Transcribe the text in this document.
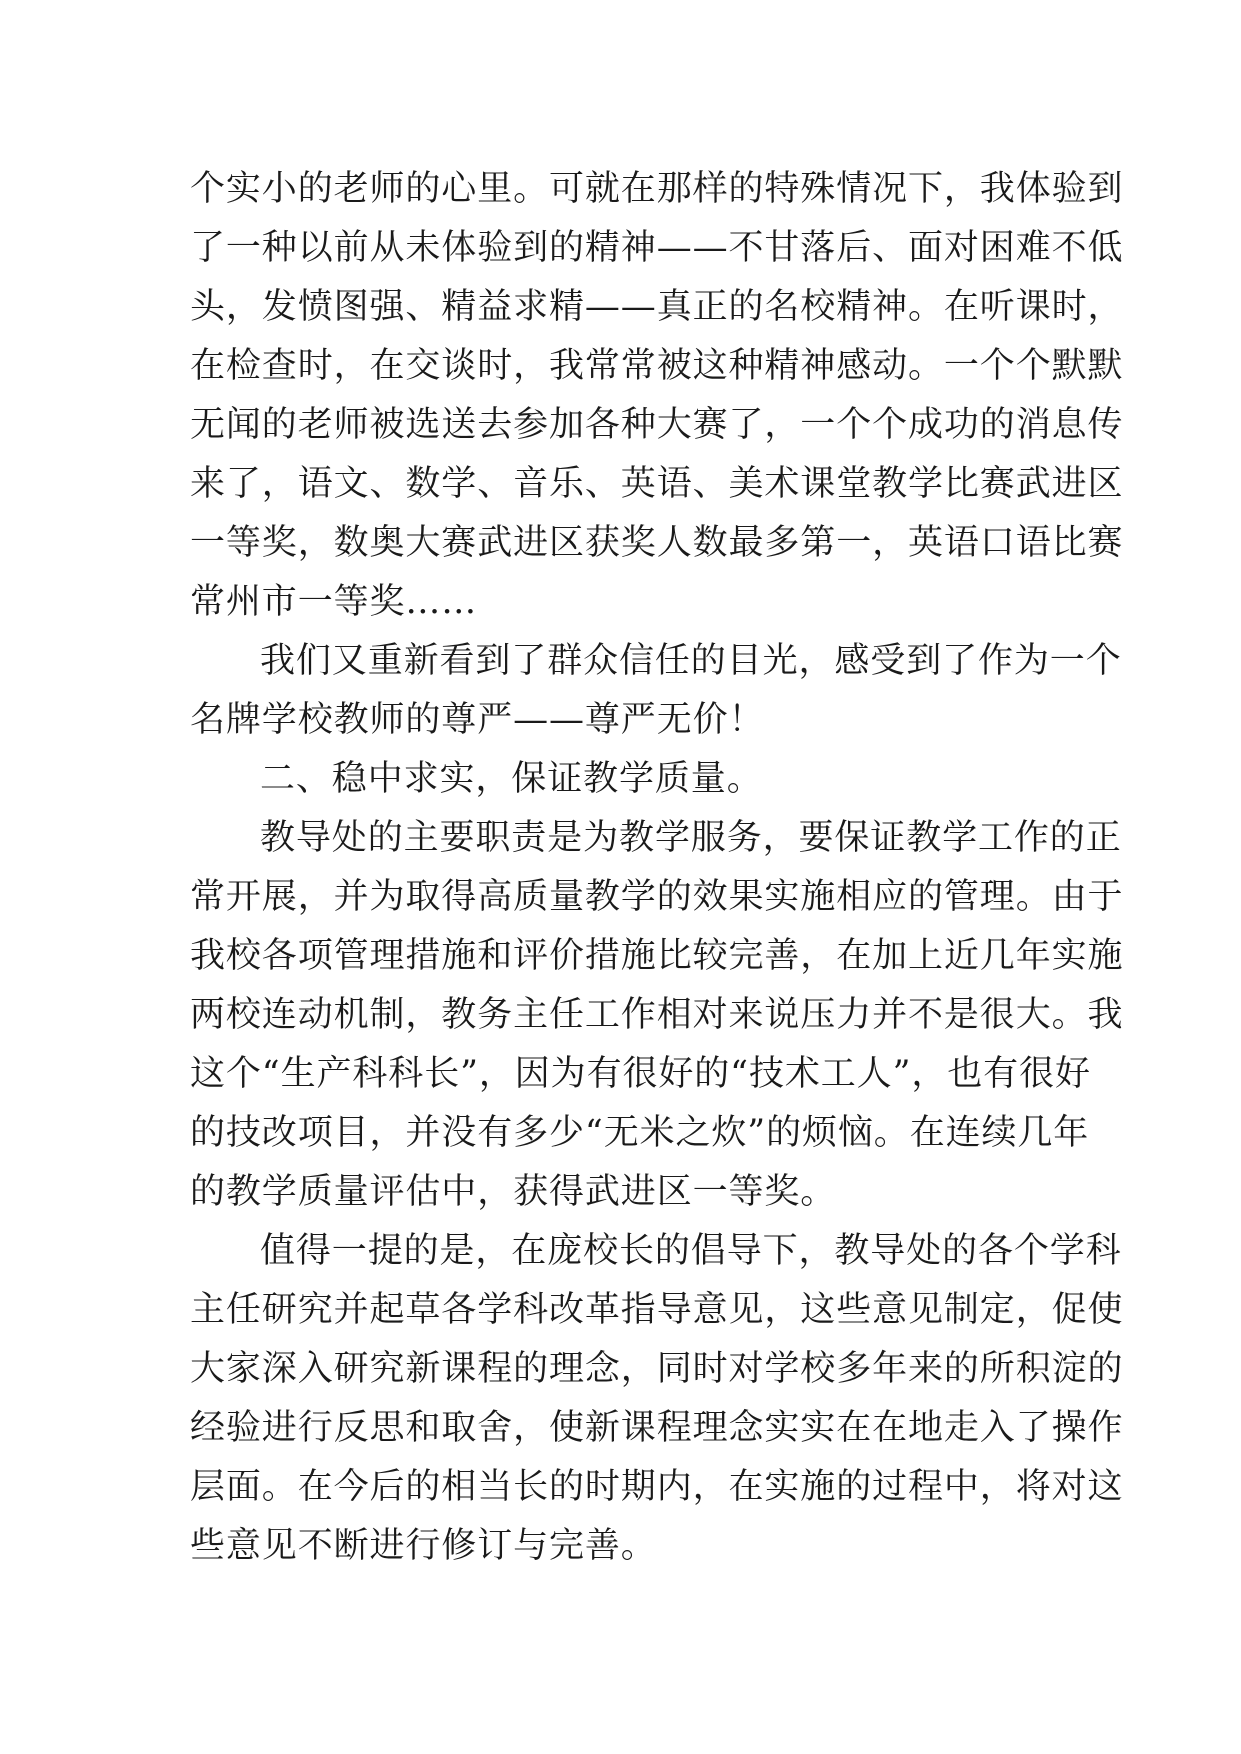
个实小的老师的心里。可就在那样的特殊情况下，我体验到
了一种以前从未体验到的精神——不甘落后、面对困难不低
头，发愤图强、精益求精——真正的名校精神。在听课时，
在检查时，在交谈时，我常常被这种精神感动。一个个默默
无闻的老师被选送去参加各种大赛了，一个个成功的消息传
来了，语文、数学、音乐、英语、美术课堂教学比赛武进区
一等奖，数奥大赛武进区获奖人数最多第一，英语口语比赛
常州市一等奖……
我们又重新看到了群众信任的目光，感受到了作为一个
名牌学校教师的尊严——尊严无价！
二、稳中求实，保证教学质量。
教导处的主要职责是为教学服务，要保证教学工作的正
常开展，并为取得高质量教学的效果实施相应的管理。由于
我校各项管理措施和评价措施比较完善，在加上近几年实施
两校连动机制，教务主任工作相对来说压力并不是很大。我
这个“生产科科长”，因为有很好的“技术工人”，也有很好
的技改项目，并没有多少“无米之炊”的烦恼。在连续几年
的教学质量评估中，获得武进区一等奖。
值得一提的是，在庞校长的倡导下，教导处的各个学科
主任研究并起草各学科改革指导意见，这些意见制定，促使
大家深入研究新课程的理念，同时对学校多年来的所积淀的
经验进行反思和取舍，使新课程理念实实在在地走入了操作
层面。在今后的相当长的时期内，在实施的过程中，将对这
些意见不断进行修订与完善。
